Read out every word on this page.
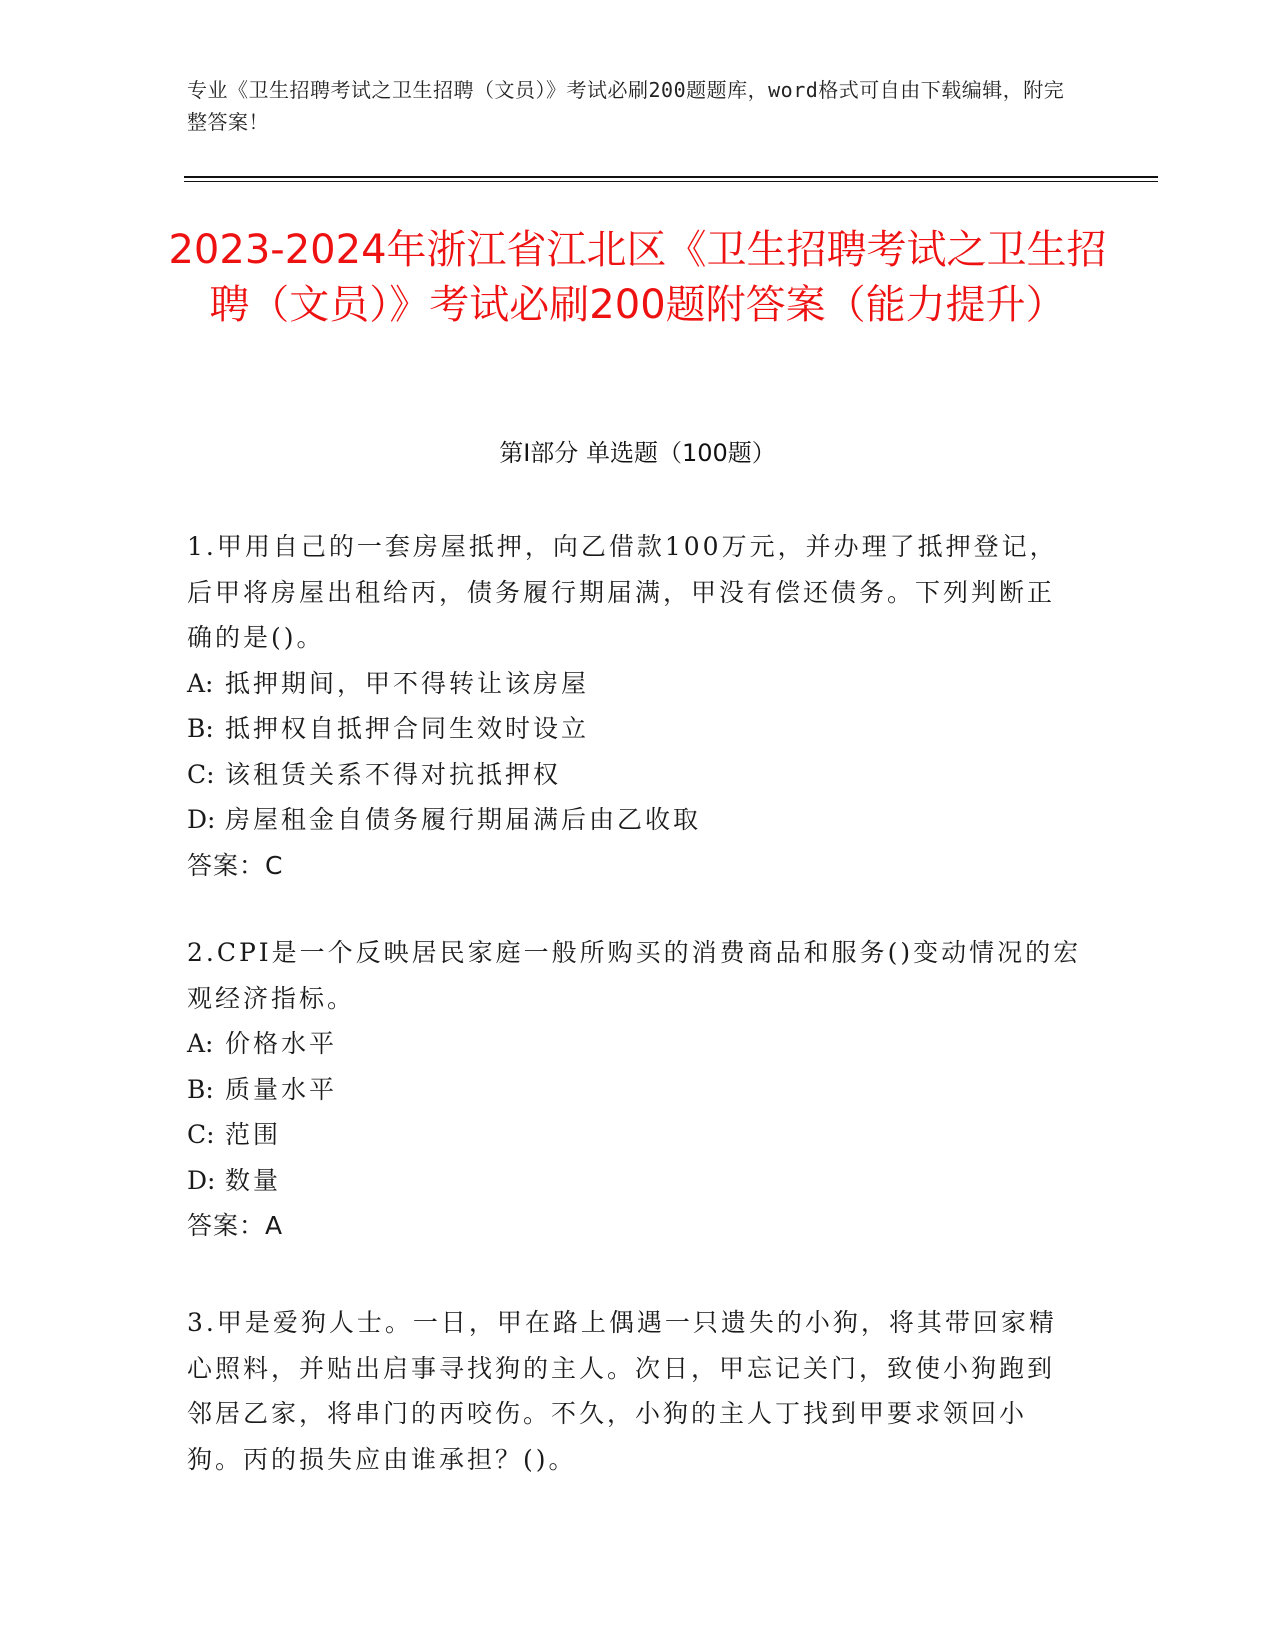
专业《卫生招聘考试之卫生招聘（文员）》考试必刷200题题库，word格式可自由下载编辑，附完整答案！
2023-2024年浙江省江北区《卫生招聘考试之卫生招聘（文员）》考试必刷200题附答案（能力提升）
第I部分 单选题（100题）

1.甲用自己的一套房屋抵押，向乙借款100万元，并办理了抵押登记，后甲将房屋出租给丙，债务履行期届满，甲没有偿还债务。下列判断正确的是()。

A: 抵押期间，甲不得转让该房屋

B: 抵押权自抵押合同生效时设立

C: 该租赁关系不得对抗抵押权

D: 房屋租金自债务履行期届满后由乙收取

答案：C

2.CPI是一个反映居民家庭一般所购买的消费商品和服务()变动情况的宏观经济指标。

A: 价格水平

B: 质量水平

C: 范围

D: 数量

答案：A

3.甲是爱狗人士。一日，甲在路上偶遇一只遗失的小狗，将其带回家精心照料，并贴出启事寻找狗的主人。次日，甲忘记关门，致使小狗跑到邻居乙家，将串门的丙咬伤。不久，小狗的主人丁找到甲要求领回小狗。丙的损失应由谁承担？()。
